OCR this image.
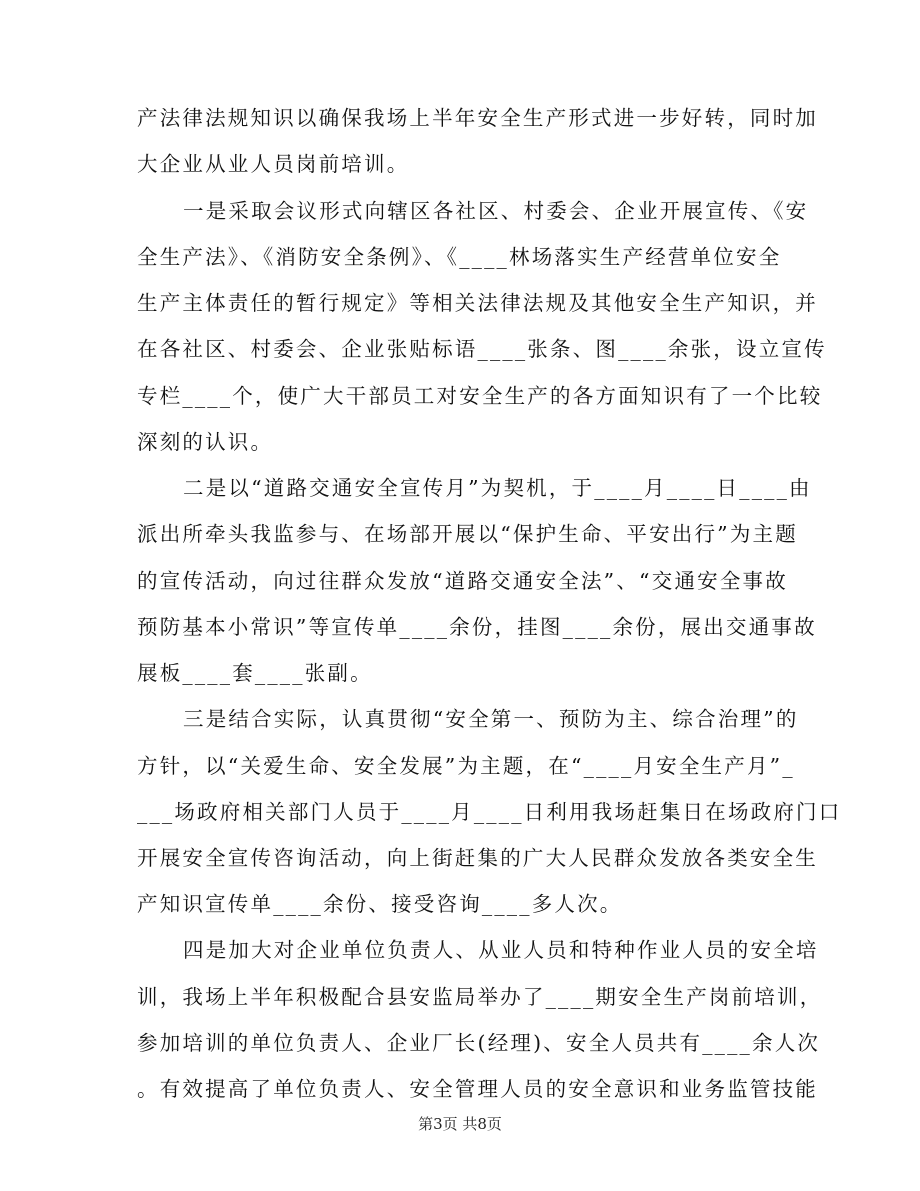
产法律法规知识以确保我场上半年安全生产形式进一步好转，同时加
大企业从业人员岗前培训。
一是采取会议形式向辖区各社区、村委会、企业开展宣传、《安
全生产法》、《消防安全条例》、《____林场落实生产经营单位安全
生产主体责任的暂行规定》等相关法律法规及其他安全生产知识，并
在各社区、村委会、企业张贴标语____张条、图____余张，设立宣传
专栏____个，使广大干部员工对安全生产的各方面知识有了一个比较
深刻的认识。
二是以“道路交通安全宣传月”为契机，于____月____日____由
派出所牵头我监参与、在场部开展以“保护生命、平安出行”为主题
的宣传活动，向过往群众发放“道路交通安全法”、“交通安全事故
预防基本小常识”等宣传单____余份，挂图____余份，展出交通事故
展板____套____张副。
三是结合实际，认真贯彻“安全第一、预防为主、综合治理”的
方针，以“关爱生命、安全发展”为主题，在“____月安全生产月”_
___场政府相关部门人员于____月____日利用我场赶集日在场政府门口
开展安全宣传咨询活动，向上街赶集的广大人民群众发放各类安全生
产知识宣传单____余份、接受咨询____多人次。
四是加大对企业单位负责人、从业人员和特种作业人员的安全培
训，我场上半年积极配合县安监局举办了____期安全生产岗前培训，
参加培训的单位负责人、企业厂长(经理)、安全人员共有____余人次
。有效提高了单位负责人、安全管理人员的安全意识和业务监管技能
第3页 共8页
